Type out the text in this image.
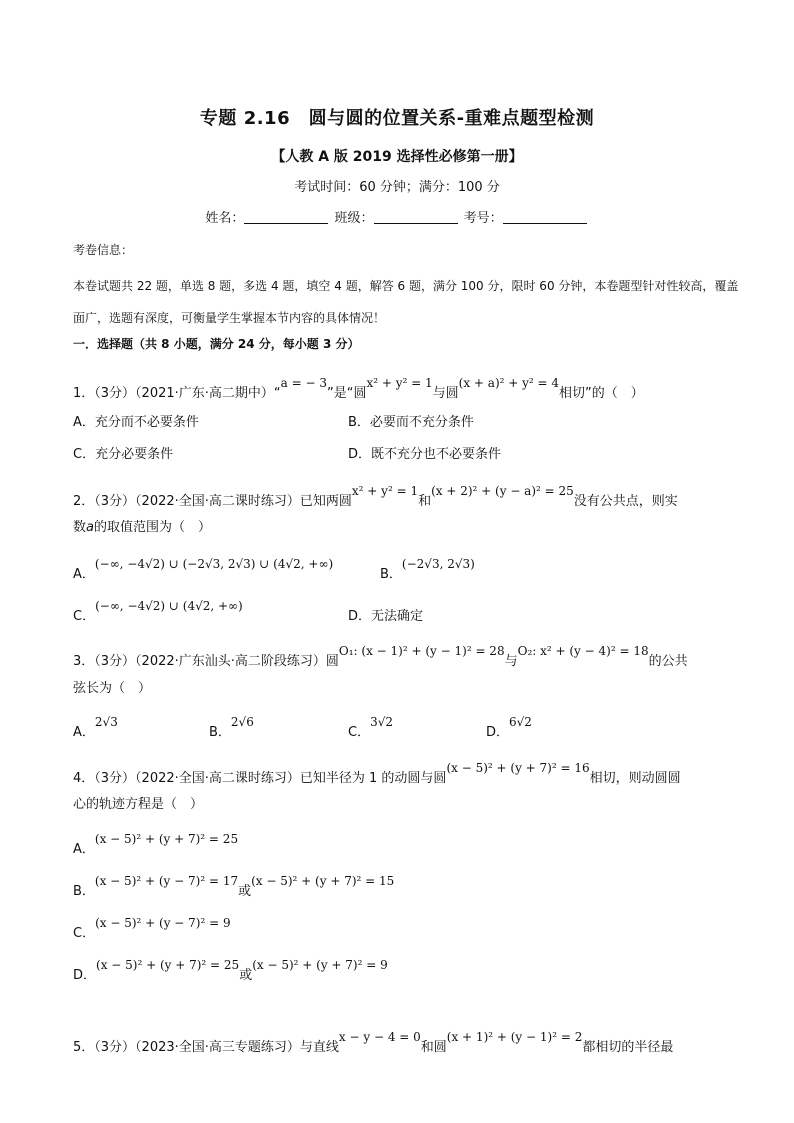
专题 2.16　圆与圆的位置关系-重难点题型检测
【人教 A 版 2019 选择性必修第一册】
考试时间：60 分钟；满分：100 分
姓名：	班级：	考号：
考卷信息：
本卷试题共 22 题，单选 8 题，多选 4 题，填空 4 题，解答 6 题，满分 100 分，限时 60 分钟，本卷题型针对性较高，覆盖面广，选题有深度，可衡量学生掌握本节内容的具体情况！
一．选择题（共 8 小题，满分 24 分，每小题 3 分）
1．（3分）（2021·广东·高二期中）“a = − 3”是“圆x² + y² = 1与圆(x + a)² + y² = 4相切”的（　）
A．充分而不必要条件	B．必要而不充分条件
C．充分必要条件	D．既不充分也不必要条件
2．（3分）（2022·全国·高二课时练习）已知两圆x² + y² = 1和(x + 2)² + (y − a)² = 25没有公共点，则实
数a的取值范围为（　）
A．(−∞, −4√2) ∪ (−2√3, 2√3) ∪ (4√2, +∞)
B．(−2√3, 2√3)
C．(−∞, −4√2) ∪ (4√2, +∞)
D．无法确定
3．（3分）（2022·广东汕头·高二阶段练习）圆O₁: (x − 1)² + (y − 1)² = 28与O₂: x² + (y − 4)² = 18的公共
弦长为（　）
A．2√3
B．2√6
C．3√2
D．6√2
4．（3分）（2022·全国·高二课时练习）已知半径为 1 的动圆与圆(x − 5)² + (y + 7)² = 16相切，则动圆圆
心的轨迹方程是（　）
A．(x − 5)² + (y + 7)² = 25
B．(x − 5)² + (y − 7)² = 17或(x − 5)² + (y + 7)² = 15
C．(x − 5)² + (y − 7)² = 9
D．(x − 5)² + (y + 7)² = 25或(x − 5)² + (y + 7)² = 9
5．（3分）（2023·全国·高三专题练习）与直线x − y − 4 = 0和圆(x + 1)² + (y − 1)² = 2都相切的半径最
